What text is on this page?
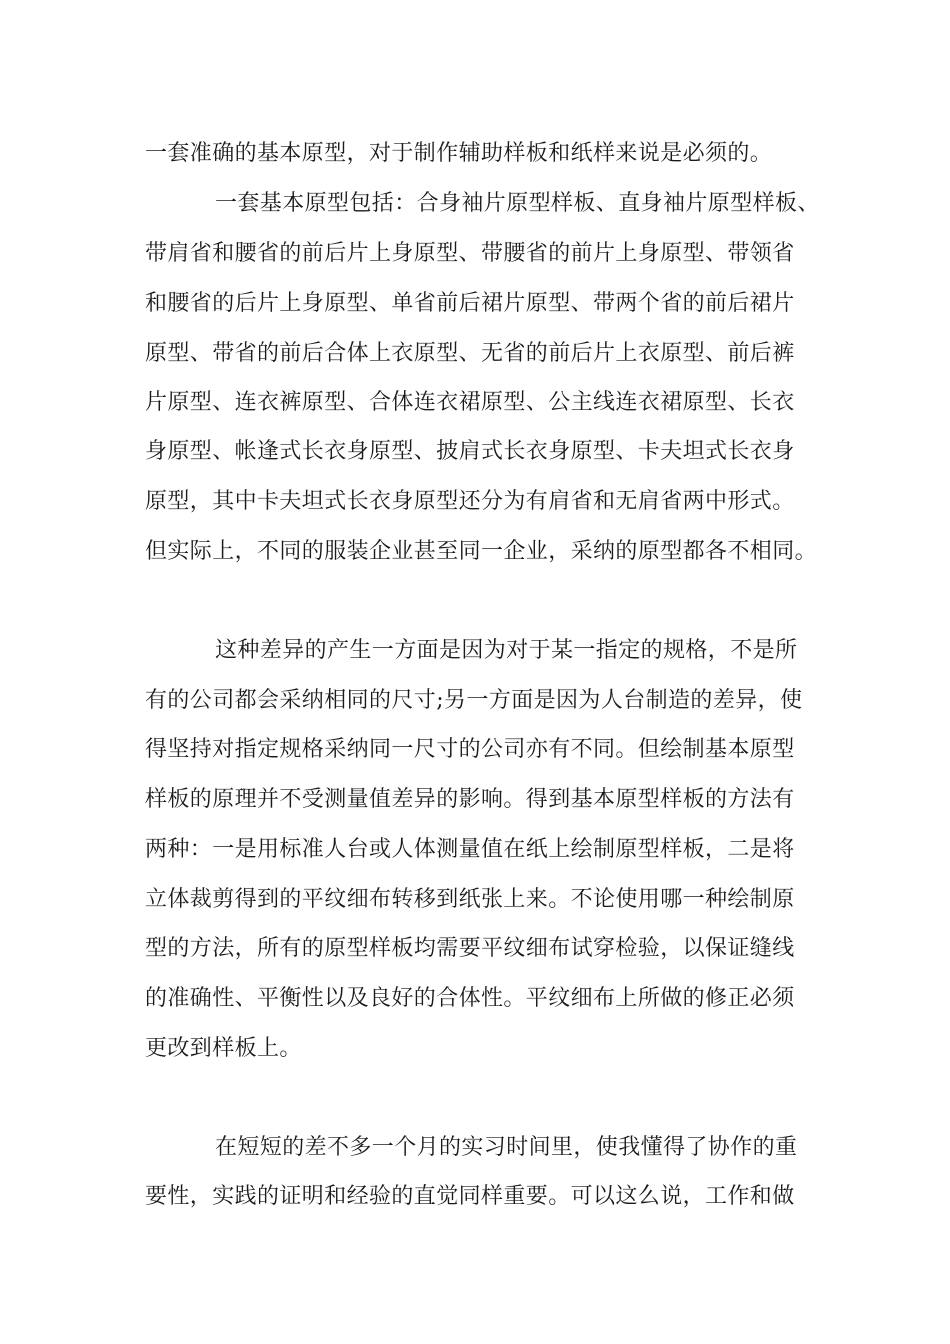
一套准确的基本原型，对于制作辅助样板和纸样来说是必须的。
一套基本原型包括：合身袖片原型样板、直身袖片原型样板、
带肩省和腰省的前后片上身原型、带腰省的前片上身原型、带领省
和腰省的后片上身原型、单省前后裙片原型、带两个省的前后裙片
原型、带省的前后合体上衣原型、无省的前后片上衣原型、前后裤
片原型、连衣裤原型、合体连衣裙原型、公主线连衣裙原型、长衣
身原型、帐逢式长衣身原型、披肩式长衣身原型、卡夫坦式长衣身
原型，其中卡夫坦式长衣身原型还分为有肩省和无肩省两中形式。
但实际上，不同的服装企业甚至同一企业，采纳的原型都各不相同。
这种差异的产生一方面是因为对于某一指定的规格，不是所
有的公司都会采纳相同的尺寸;另一方面是因为人台制造的差异，使
得坚持对指定规格采纳同一尺寸的公司亦有不同。但绘制基本原型
样板的原理并不受测量值差异的影响。得到基本原型样板的方法有
两种：一是用标准人台或人体测量值在纸上绘制原型样板，二是将
立体裁剪得到的平纹细布转移到纸张上来。不论使用哪一种绘制原
型的方法，所有的原型样板均需要平纹细布试穿检验，以保证缝线
的准确性、平衡性以及良好的合体性。平纹细布上所做的修正必须
更改到样板上。
在短短的差不多一个月的实习时间里，使我懂得了协作的重
要性，实践的证明和经验的直觉同样重要。可以这么说，工作和做
